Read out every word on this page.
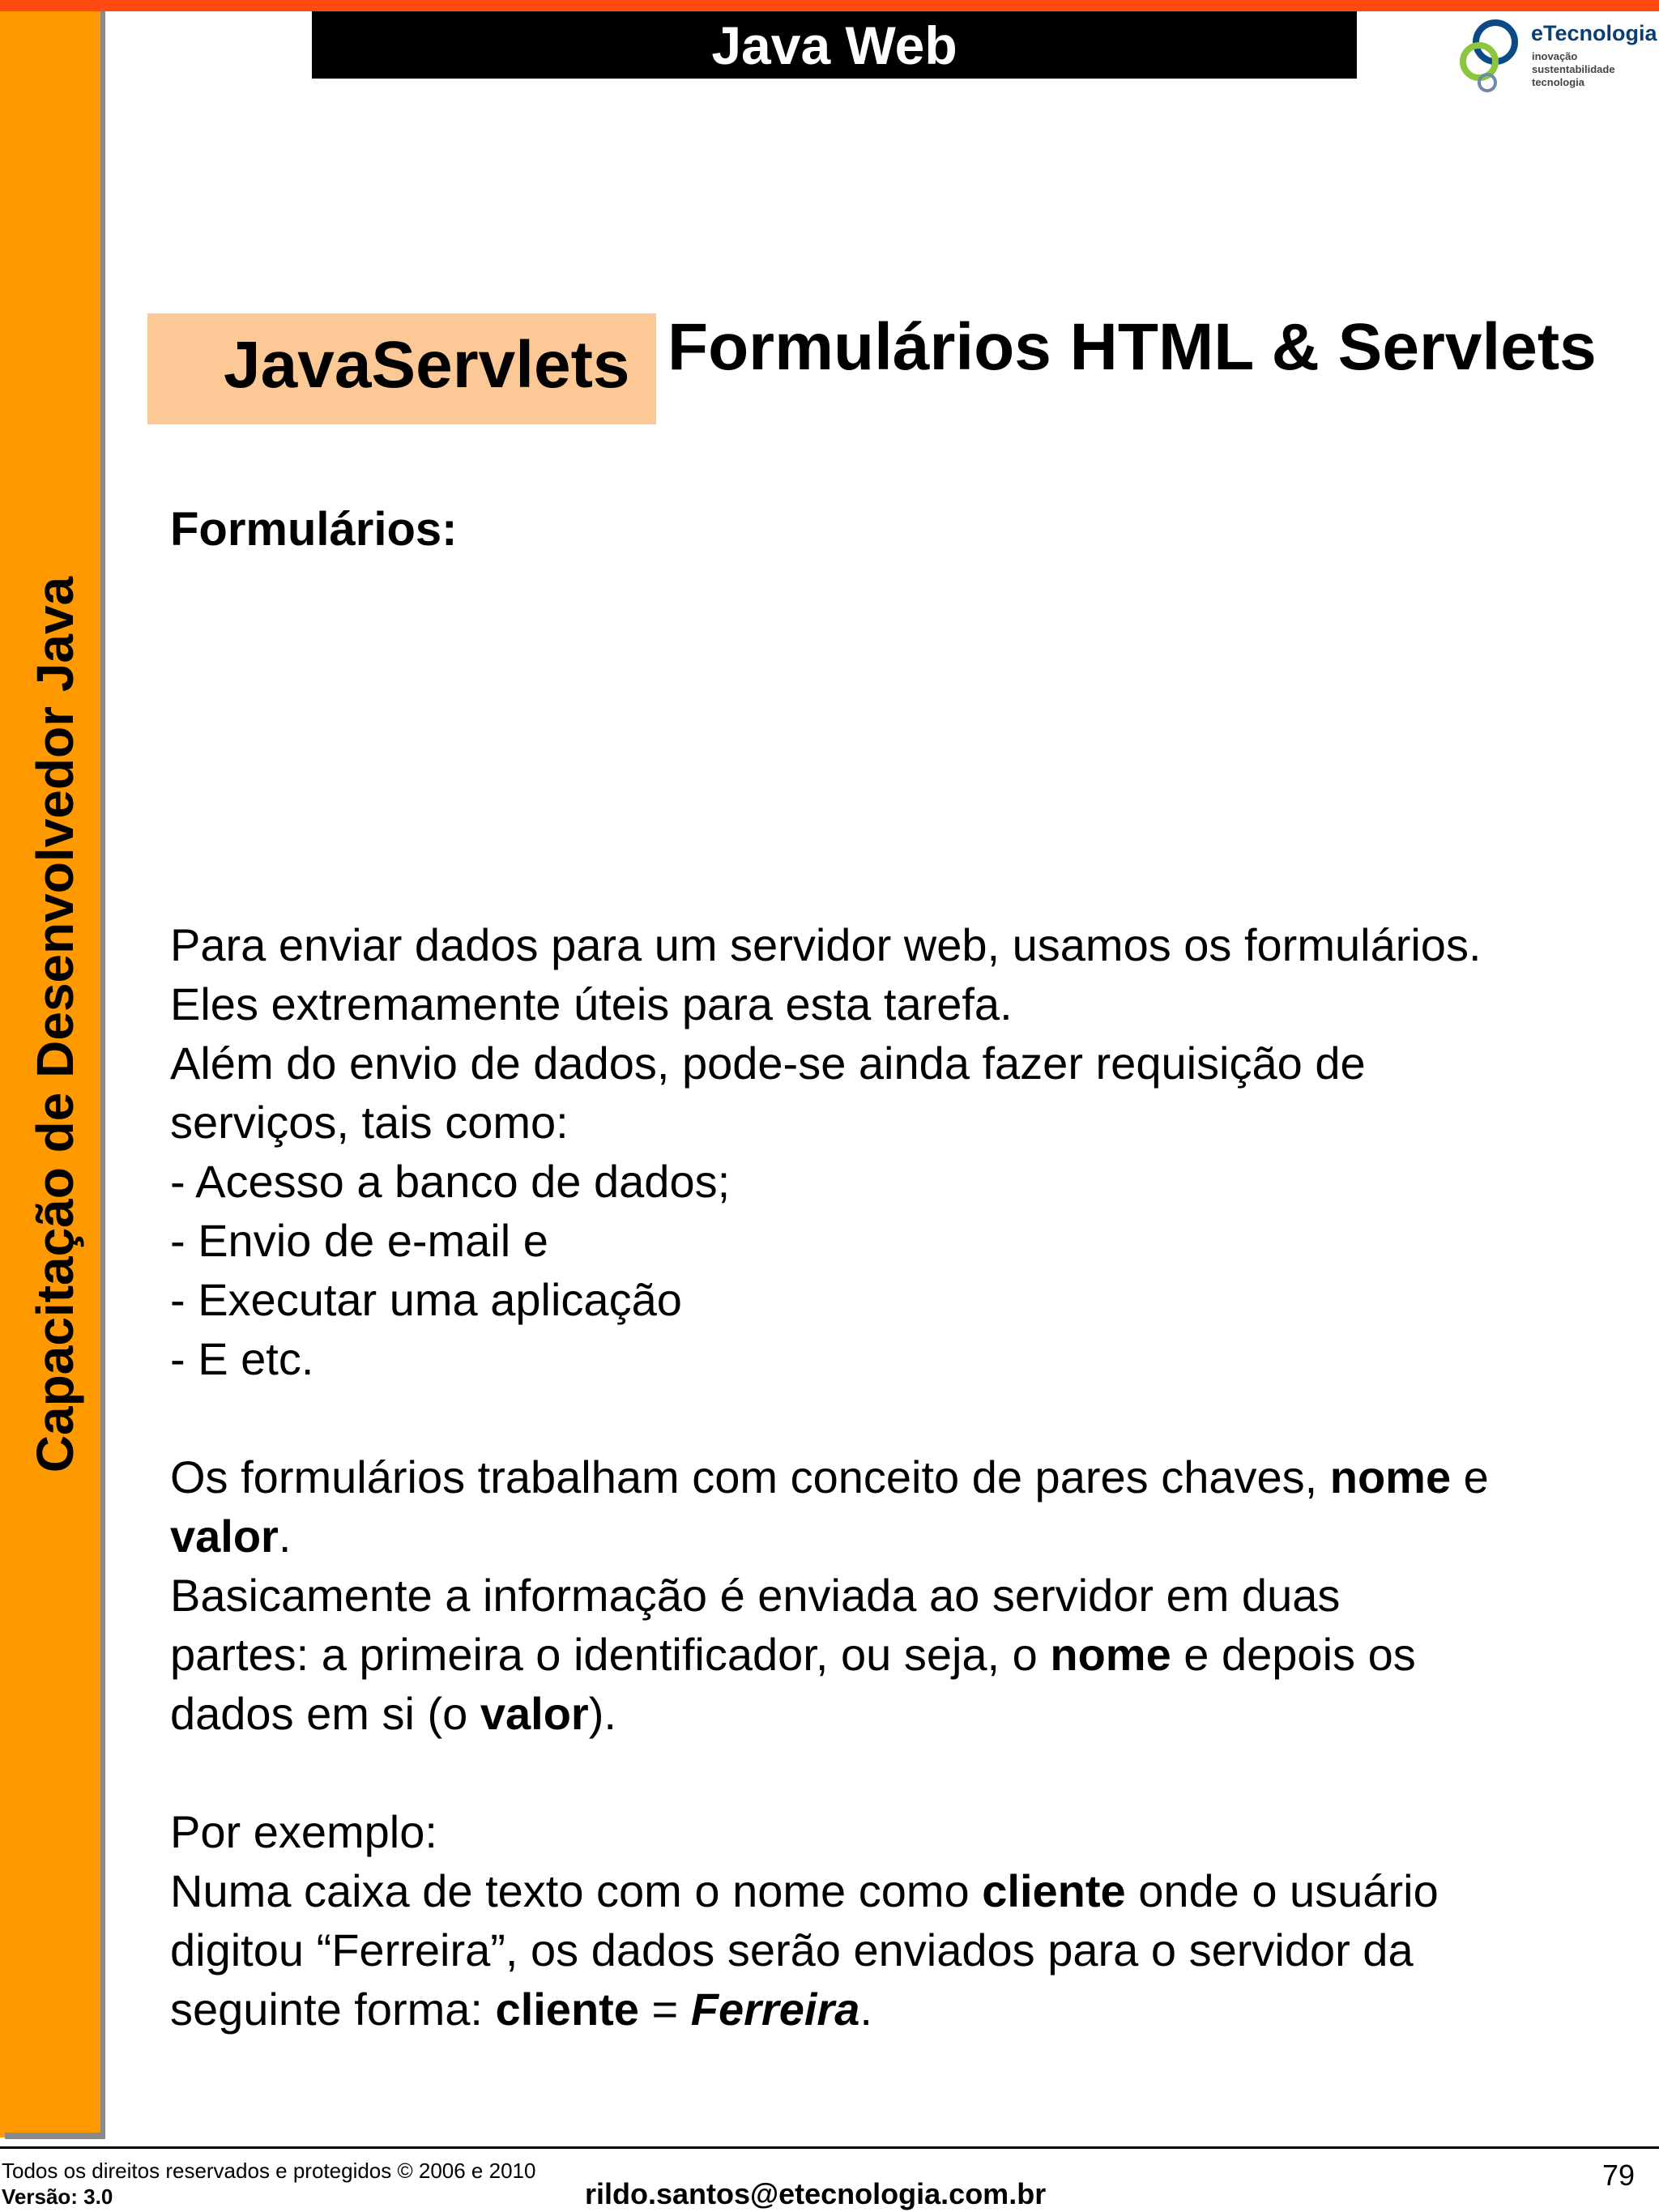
Capacitação de Desenvolvedor Java
Java Web	eTecnologia
inovação
sustentabilidade
tecnologia
JavaServlets Formulários HTML & Servlets
Formulários:

Para enviar dados para um servidor web, usamos os formulários.

Eles extremamente úteis para esta tarefa.

Além do envio de dados, pode-se ainda fazer requisição de

serviços, tais como:

- Acesso a banco de dados;

- Envio de e-mail e

- Executar uma aplicação

- E etc.

Os formulários trabalham com conceito de pares chaves, nome e

valor.

Basicamente a informação é enviada ao servidor em duas

partes: a primeira o identificador, ou seja, o nome e depois os

dados em si (o valor).

Por exemplo:

Numa caixa de texto com o nome como cliente onde o usuário

digitou “Ferreira”, os dados serão enviados para o servidor da

seguinte forma: cliente = Ferreira.

Todos os direitos reservados e protegidos © 2006 e 2010
Versão: 3.0	rildo.santos@etecnologia.com.br
79
